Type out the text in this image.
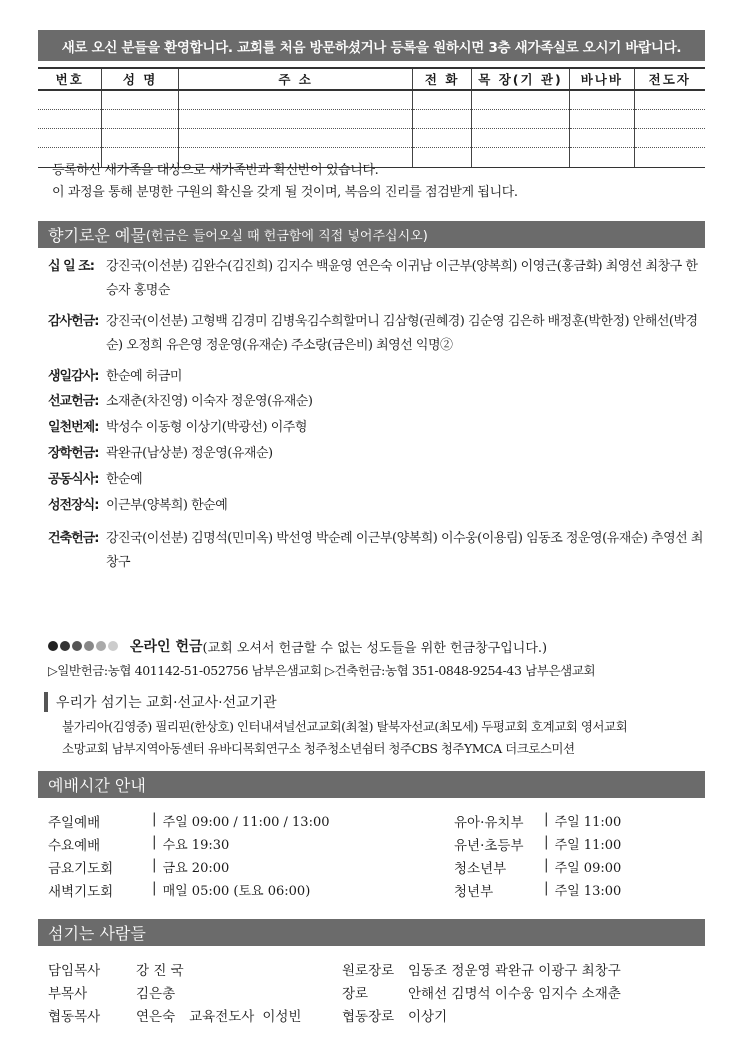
새로 오신 분들을 환영합니다. 교회를 처음 방문하셨거나 등록을 원하시면 3층 새가족실로 오시기 바랍니다.
번호	성 명	주 소	전 화	목 장(기 관)	바나바	전도자

등록하신 새가족을 대상으로 새가족반과 확신반이 있습니다.
이 과정을 통해 분명한 구원의 확신을 갖게 될 것이며, 복음의 진리를 점검받게 됩니다.
향기로운 예물 (헌금은 들어오실 때 헌금함에 직접 넣어주십시오)
십 일 조: 강진국(이선분) 김완수(김진희) 김지수 백윤영 연은숙 이귀남 이근부(양복희) 이영근(홍금화) 최영선 최창구 한승자 홍명순
감사헌금: 강진국(이선분) 고형백 김경미 김병욱김수희할머니 김삼형(권혜경) 김순영 김은하 배정훈(박한정) 안해선(박경순) 오정희 유은영 정운영(유재순) 주소랑(금은비) 최영선 익명②
생일감사: 한순예 허금미
선교헌금: 소재춘(차진영) 이숙자 정운영(유재순)
일천번제: 박성수 이동형 이상기(박광선) 이주형
장학헌금: 곽완규(남상분) 정운영(유재순)
공동식사: 한순예
성전장식: 이근부(양복희) 한순예
건축헌금: 강진국(이선분) 김명석(민미옥) 박선영 박순례 이근부(양복희) 이수웅(이용림) 임동조 정운영(유재순) 추영선 최창구
온라인 헌금 (교회 오셔서 헌금할 수 없는 성도들을 위한 헌금창구입니다.)
▷일반헌금:농협 401142-51-052756 남부은샘교회 ▷건축헌금:농협 351-0848-9254-43 남부은샘교회
우리가 섬기는 교회·선교사·선교기관
불가리아(김영중) 필리핀(한상호) 인터내셔널선교교회(최철) 탈북자선교(최모세) 두평교회 호계교회 영서교회
소망교회 남부지역아동센터 유바디목회연구소 청주청소년쉼터 청주CBS 청주YMCA 더크로스미션
예배시간 안내
주일예배	| 주일 09:00 / 11:00 / 13:00
수요예배	| 수요 19:30
금요기도회	| 금요 20:00
새벽기도회	| 매일 05:00 (토요 06:00)
유아·유치부	| 주일 11:00
유년·초등부	| 주일 11:00
청소년부	| 주일 09:00
청년부	| 주일 13:00
섬기는 사람들
담임목사	강 진 국
부목사	김은총
협동목사	연은숙 교육전도사 이성빈
원로장로	임동조 정운영 곽완규 이광구 최창구
장로	안해선 김명석 이수웅 임지수 소재춘
협동장로	이상기
